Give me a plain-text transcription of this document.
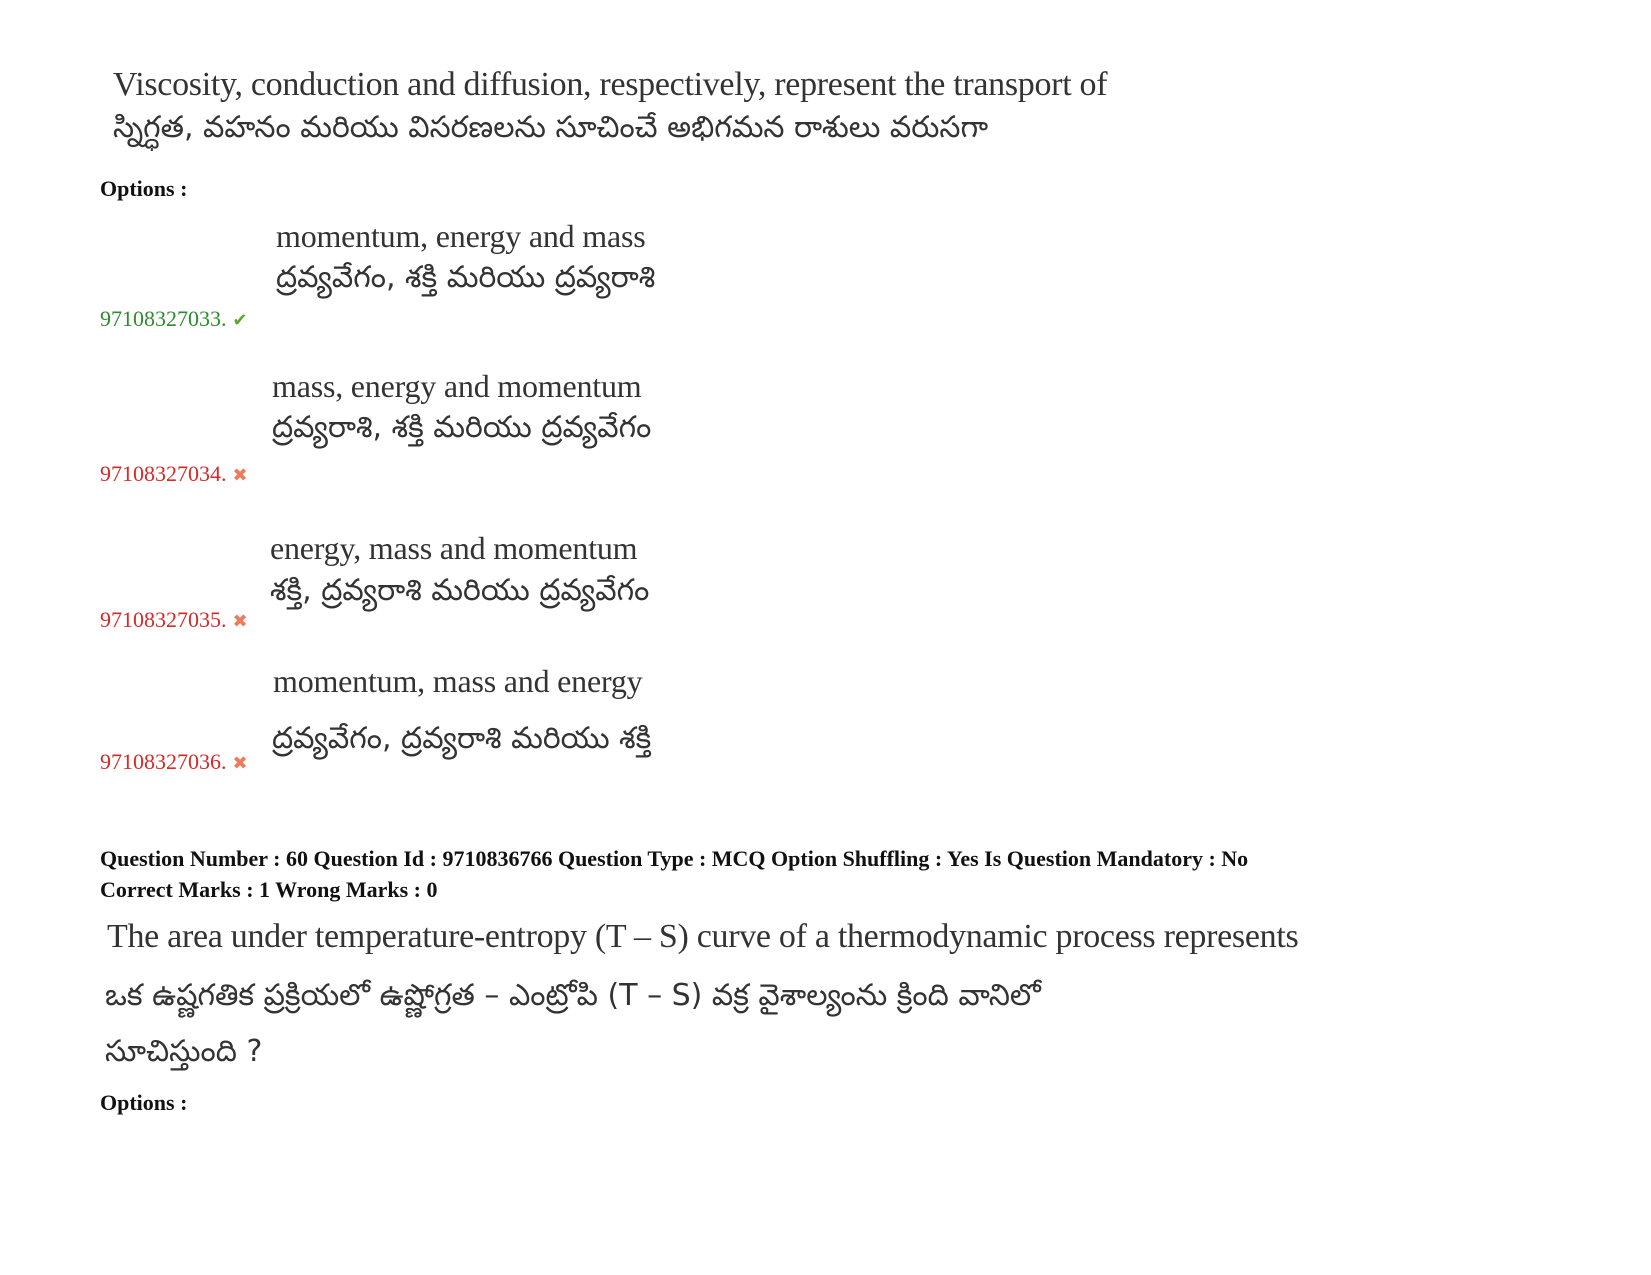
Viscosity, conduction and diffusion, respectively, represent the transport of
స్నిగ్ధత, వహనం మరియు విసరణలను సూచించే అభిగమన రాశులు వరుసగా
Options :
momentum, energy and mass
ద్రవ్యవేగం, శక్తి మరియు ద్రవ్యరాశి
97108327033. ✔
mass, energy and momentum
ద్రవ్యరాశి, శక్తి మరియు ద్రవ్యవేగం
97108327034. ✖
energy, mass and momentum
శక్తి, ద్రవ్యరాశి మరియు ద్రవ్యవేగం
97108327035. ✖
momentum, mass and energy
ద్రవ్యవేగం, ద్రవ్యరాశి మరియు శక్తి
97108327036. ✖
Question Number : 60 Question Id : 9710836766 Question Type : MCQ Option Shuffling : Yes Is Question Mandatory : No
Correct Marks : 1 Wrong Marks : 0
The area under temperature-entropy (T – S) curve of a thermodynamic process represents
ఒక ఉష్ణగతిక ప్రక్రియలో ఉష్ణోగ్రత – ఎంట్రోపి (T – S) వక్ర వైశాల్యంను క్రింది వానిలో
సూచిస్తుంది ?
Options :
